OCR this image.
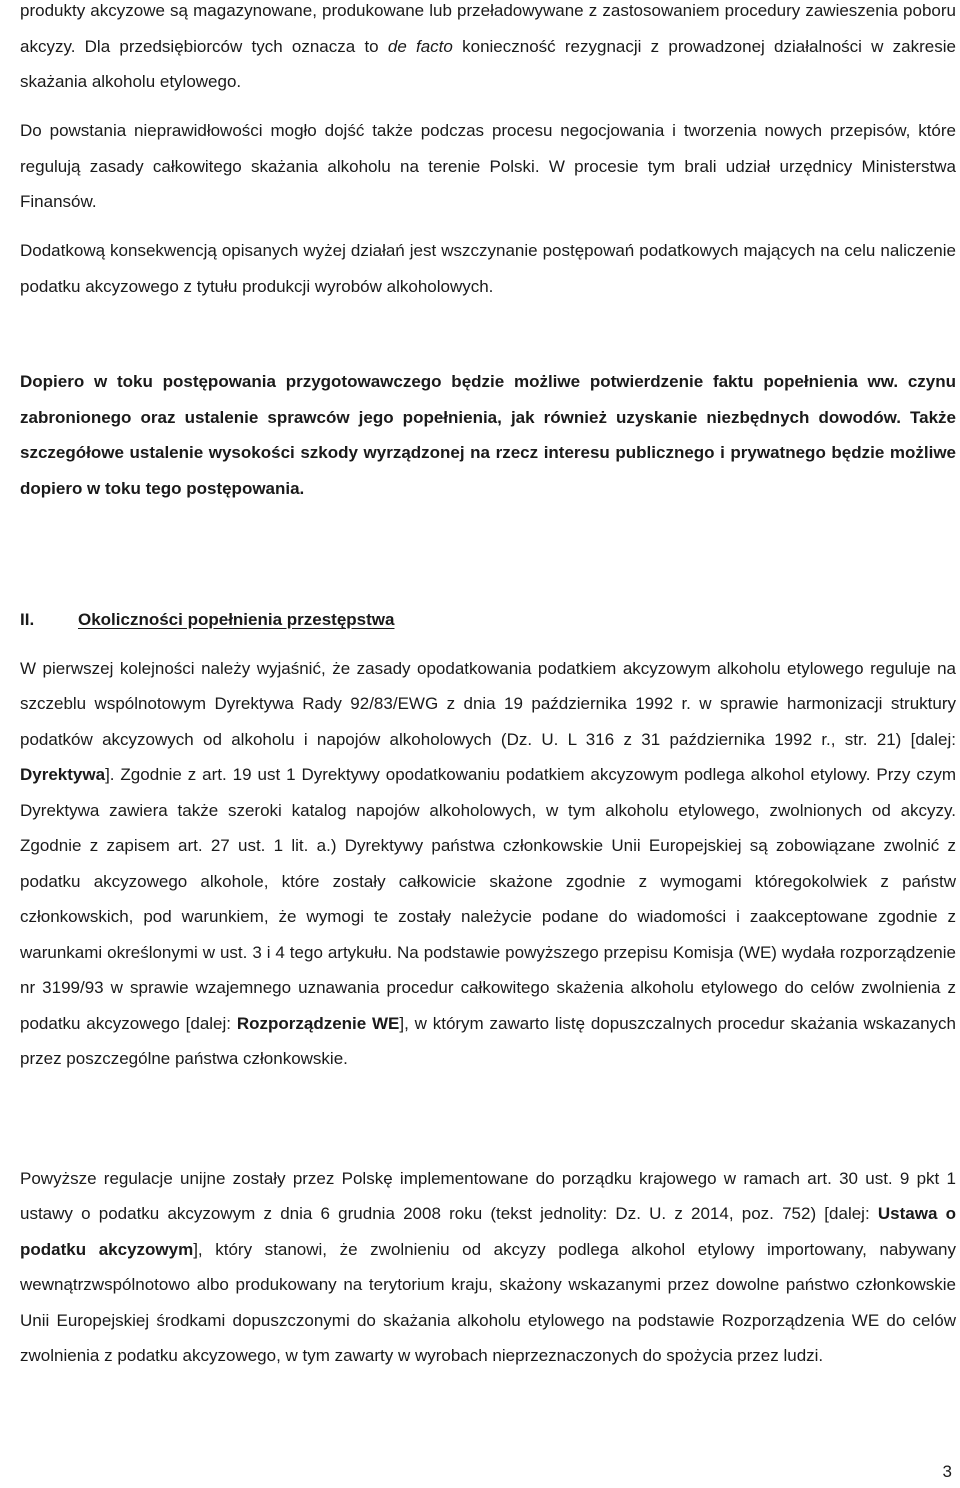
produkty akcyzowe są magazynowane, produkowane lub przeładowywane z zastosowaniem procedury zawieszenia poboru akcyzy. Dla przedsiębiorców tych oznacza to de facto konieczność rezygnacji z prowadzonej działalności w zakresie skażania alkoholu etylowego.

Do powstania nieprawidłowości mogło dojść także podczas procesu negocjowania i tworzenia nowych przepisów, które regulują zasady całkowitego skażania alkoholu na terenie Polski. W procesie tym brali udział urzędnicy Ministerstwa Finansów.

Dodatkową konsekwencją opisanych wyżej działań jest wszczynanie postępowań podatkowych mających na celu naliczenie podatku akcyzowego z tytułu produkcji wyrobów alkoholowych.

Dopiero w toku postępowania przygotowawczego będzie możliwe potwierdzenie faktu popełnienia ww. czynu zabronionego oraz ustalenie sprawców jego popełnienia, jak również uzyskanie niezbędnych dowodów. Także szczegółowe ustalenie wysokości szkody wyrządzonej na rzecz interesu publicznego i prywatnego będzie możliwe dopiero w toku tego postępowania.

II.	Okoliczności popełnienia przestępstwa

W pierwszej kolejności należy wyjaśnić, że zasady opodatkowania podatkiem akcyzowym alkoholu etylowego reguluje na szczeblu wspólnotowym Dyrektywa Rady 92/83/EWG z dnia 19 października 1992 r. w sprawie harmonizacji struktury podatków akcyzowych od alkoholu i napojów alkoholowych (Dz. U. L 316 z 31 października 1992 r., str. 21) [dalej: Dyrektywa]. Zgodnie z art. 19 ust 1 Dyrektywy opodatkowaniu podatkiem akcyzowym podlega alkohol etylowy. Przy czym Dyrektywa zawiera także szeroki katalog napojów alkoholowych, w tym alkoholu etylowego, zwolnionych od akcyzy. Zgodnie z zapisem art. 27 ust. 1 lit. a.) Dyrektywy państwa członkowskie Unii Europejskiej są zobowiązane zwolnić z podatku akcyzowego alkohole, które zostały całkowicie skażone zgodnie z wymogami któregokolwiek z państw członkowskich, pod warunkiem, że wymogi te zostały należycie podane do wiadomości i zaakceptowane zgodnie z warunkami określonymi w ust. 3 i 4 tego artykułu. Na podstawie powyższego przepisu Komisja (WE) wydała rozporządzenie nr 3199/93 w sprawie wzajemnego uznawania procedur całkowitego skażenia alkoholu etylowego do celów zwolnienia z podatku akcyzowego [dalej: Rozporządzenie WE], w którym zawarto listę dopuszczalnych procedur skażania wskazanych przez poszczególne państwa członkowskie.

Powyższe regulacje unijne zostały przez Polskę implementowane do porządku krajowego w ramach art. 30 ust. 9 pkt 1 ustawy o podatku akcyzowym z dnia 6 grudnia 2008 roku (tekst jednolity: Dz. U. z 2014, poz. 752) [dalej: Ustawa o podatku akcyzowym], który stanowi, że zwolnieniu od akcyzy podlega alkohol etylowy importowany, nabywany wewnątrzwspólnotowo albo produkowany na terytorium kraju, skażony wskazanymi przez dowolne państwo członkowskie Unii Europejskiej środkami dopuszczonymi do skażania alkoholu etylowego na podstawie Rozporządzenia WE do celów zwolnienia z podatku akcyzowego, w tym zawarty w wyrobach nieprzeznaczonych do spożycia przez ludzi.

3
